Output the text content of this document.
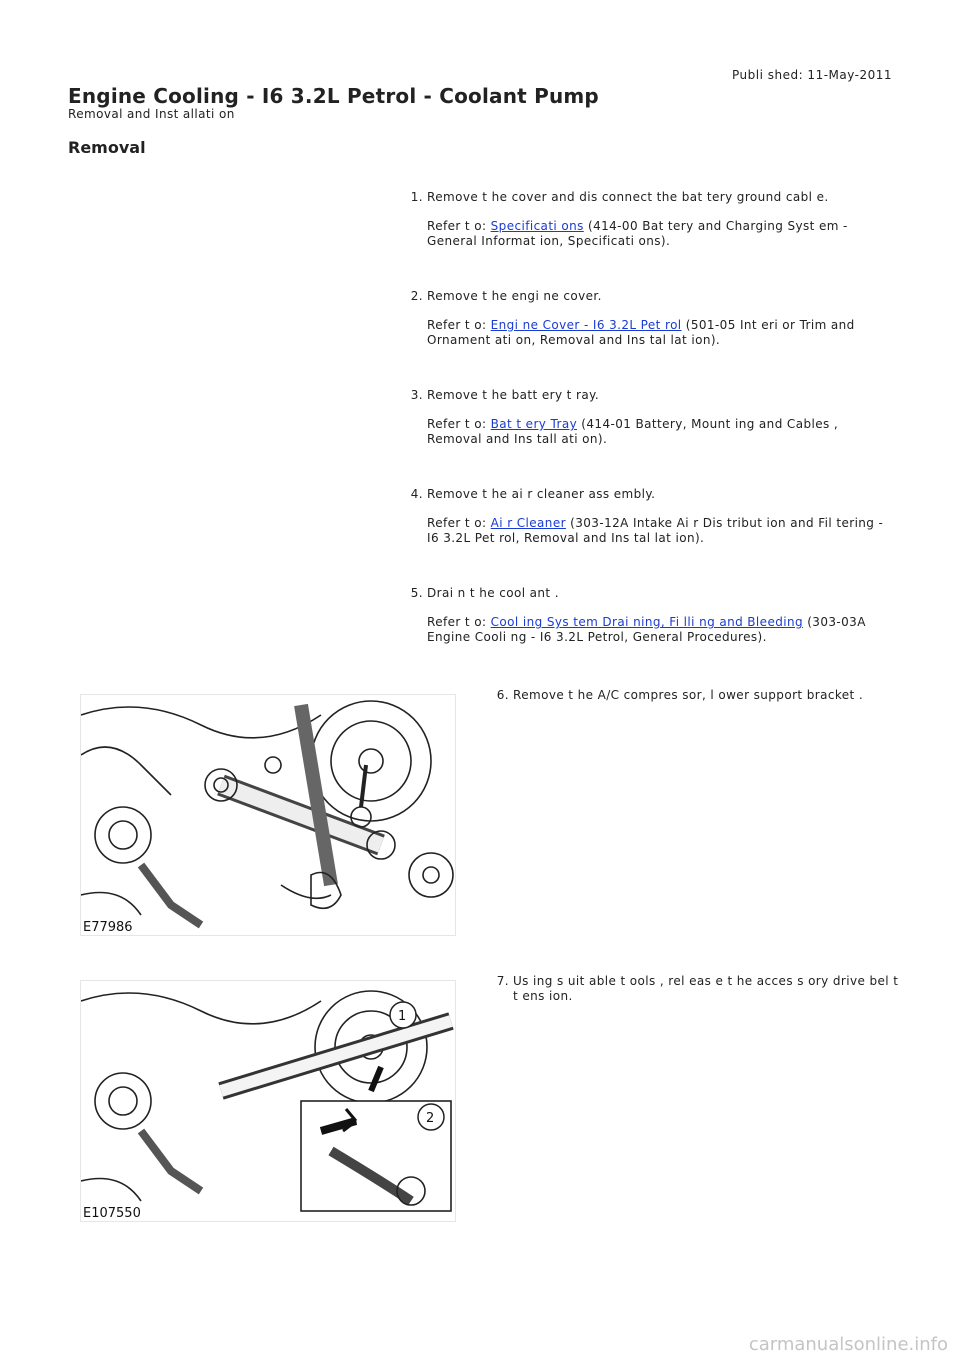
Publi shed: 11-May-2011
Engine Cooling - I6 3.2L Petrol - Coolant Pump
Removal and Inst allati on
Removal
1. Remove t he cover and dis connect the bat tery ground cabl e.
Refer t o: Specificati ons (414-00 Bat tery and Charging Syst em -
General Informat ion, Specificati ons).
2. Remove t he engi ne cover.
Refer t o: Engi ne Cover - I6 3.2L Pet rol (501-05 Int eri or Trim and
Ornament ati on, Removal and Ins tal lat ion).
3. Remove t he batt ery t ray.
Refer t o: Bat t ery Tray (414-01 Battery, Mount ing and Cables ,
Removal and Ins tall ati on).
4. Remove t he ai r cleaner ass embly.
Refer t o: Ai r Cleaner (303-12A Intake Ai r Dis tribut ion and Fil tering -
I6 3.2L Pet rol, Removal and Ins tal lat ion).
5. Drai n t he cool ant .
Refer t o: Cool ing Sys tem Drai ning, Fi lli ng and Bleeding (303-03A
Engine Cooli ng - I6 3.2L Petrol, General Procedures).
E77986
6. Remove t he A/C compres sor, l ower support bracket .
1
2
E107550
7. Us ing s uit able t ools , rel eas e t he acces s ory drive bel t
t ens ion.
carmanualsonline.info
